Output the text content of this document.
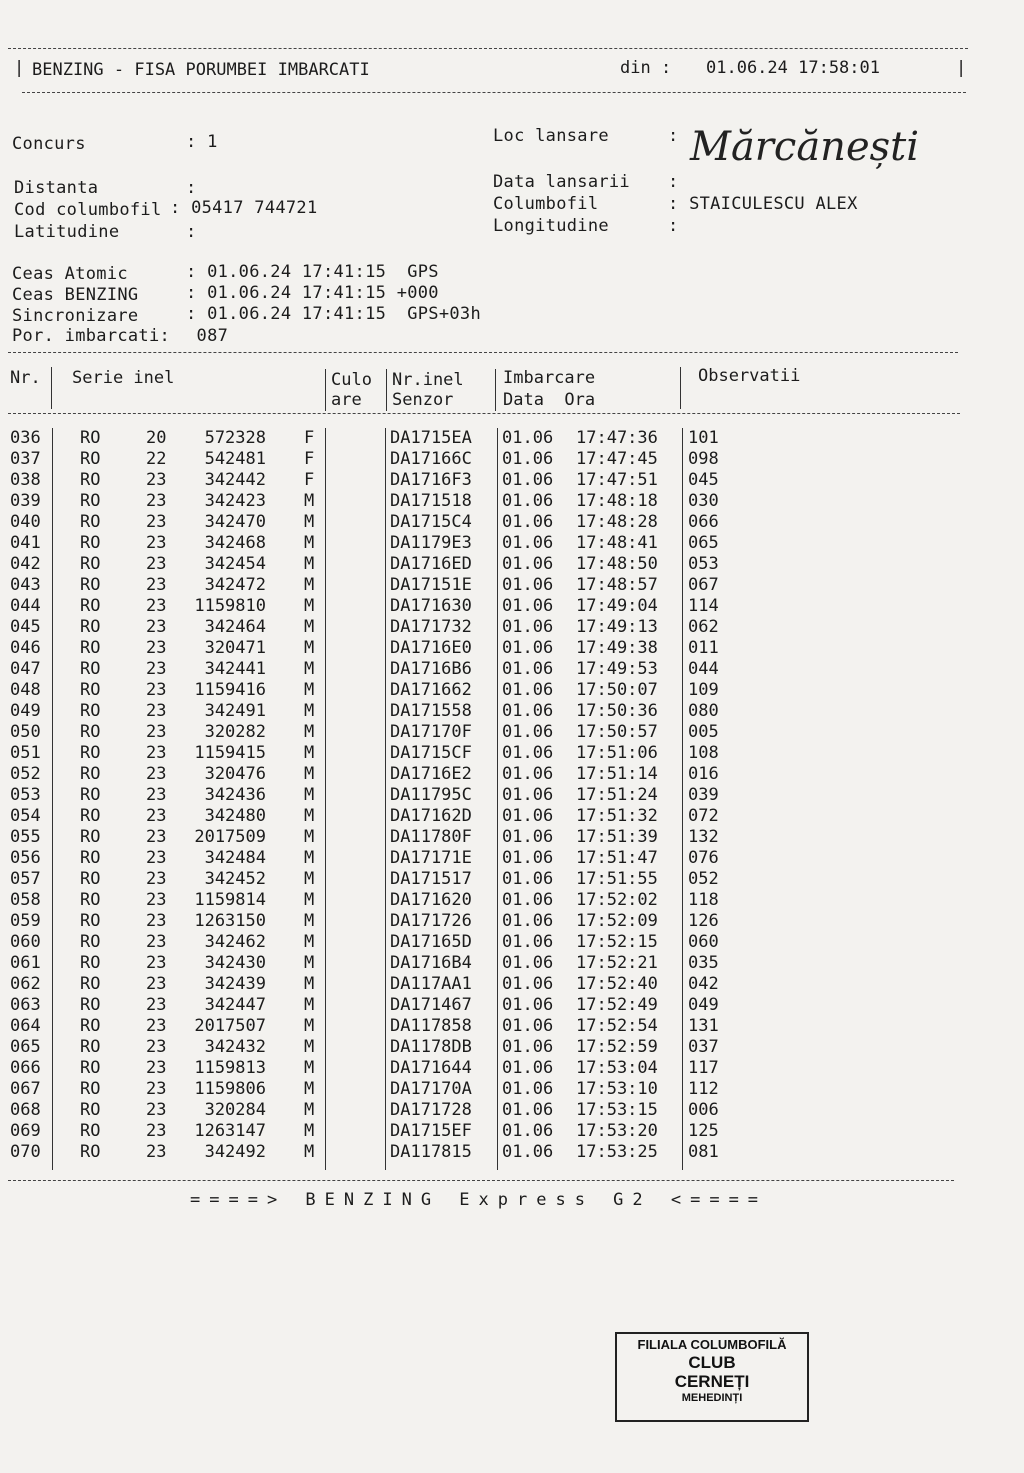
| BENZING - FISA PORUMBEI IMBARCATI	din : 01.06.24 17:58:01	|
Concurs	: 1
Distanta	:
Cod columbofil : 05417 744721
Latitudine	:
Loc lansare	: Mărcănești
Data lansarii :
Columbofil	: STAICULESCU ALEX
Longitudine	:
Ceas Atomic	: 01.06.24 17:41:15  GPS
Ceas BENZING	: 01.06.24 17:41:15 +000
Sincronizare	: 01.06.24 17:41:15  GPS+03h
Por. imbarcati: 087
Nr. Serie inel	Culo
are
Nr.inel
Senzor
Imbarcare
Data  Ora
Observatii
036 RO	20 572328 F	DA1715EA 01.06 17:47:36 101
037 RO	22 542481 F	DA17166C 01.06 17:47:45 098
038 RO	23 342442 F	DA1716F3 01.06 17:47:51 045
039 RO	23 342423 M	DA171518 01.06 17:48:18 030
040 RO	23 342470 M	DA1715C4 01.06 17:48:28 066
041 RO	23 342468 M	DA1179E3 01.06 17:48:41 065
042 RO	23 342454 M	DA1716ED 01.06 17:48:50 053
043 RO	23 342472 M	DA17151E 01.06 17:48:57 067
044 RO	23 1159810 M	DA171630 01.06 17:49:04 114
045 RO	23 342464 M	DA171732 01.06 17:49:13 062
046 RO	23 320471 M	DA1716E0 01.06 17:49:38 011
047 RO	23 342441 M	DA1716B6 01.06 17:49:53 044
048 RO	23 1159416 M	DA171662 01.06 17:50:07 109
049 RO	23 342491 M	DA171558 01.06 17:50:36 080
050 RO	23 320282 M	DA17170F 01.06 17:50:57 005
051 RO	23 1159415 M	DA1715CF 01.06 17:51:06 108
052 RO	23 320476 M	DA1716E2 01.06 17:51:14 016
053 RO	23 342436 M	DA11795C 01.06 17:51:24 039
054 RO	23 342480 M	DA17162D 01.06 17:51:32 072
055 RO	23 2017509 M	DA11780F 01.06 17:51:39 132
056 RO	23 342484 M	DA17171E 01.06 17:51:47 076
057 RO	23 342452 M	DA171517 01.06 17:51:55 052
058 RO	23 1159814 M	DA171620 01.06 17:52:02 118
059 RO	23 1263150 M	DA171726 01.06 17:52:09 126
060 RO	23 342462 M	DA17165D 01.06 17:52:15 060
061 RO	23 342430 M	DA1716B4 01.06 17:52:21 035
062 RO	23 342439 M	DA117AA1 01.06 17:52:40 042
063 RO	23 342447 M	DA171467 01.06 17:52:49 049
064 RO	23 2017507 M	DA117858 01.06 17:52:54 131
065 RO	23 342432 M	DA1178DB 01.06 17:52:59 037
066 RO	23 1159813 M	DA171644 01.06 17:53:04 117
067 RO	23 1159806 M	DA17170A 01.06 17:53:10 112
068 RO	23 320284 M	DA171728 01.06 17:53:15 006
069 RO	23 1263147 M	DA1715EF 01.06 17:53:20 125
070 RO	23 342492 M	DA117815 01.06 17:53:25 081
====> BENZING Express G2 <====
FILIALA COLUMBOFILĂ
CLUB
CERNEȚI
MEHEDINȚI
